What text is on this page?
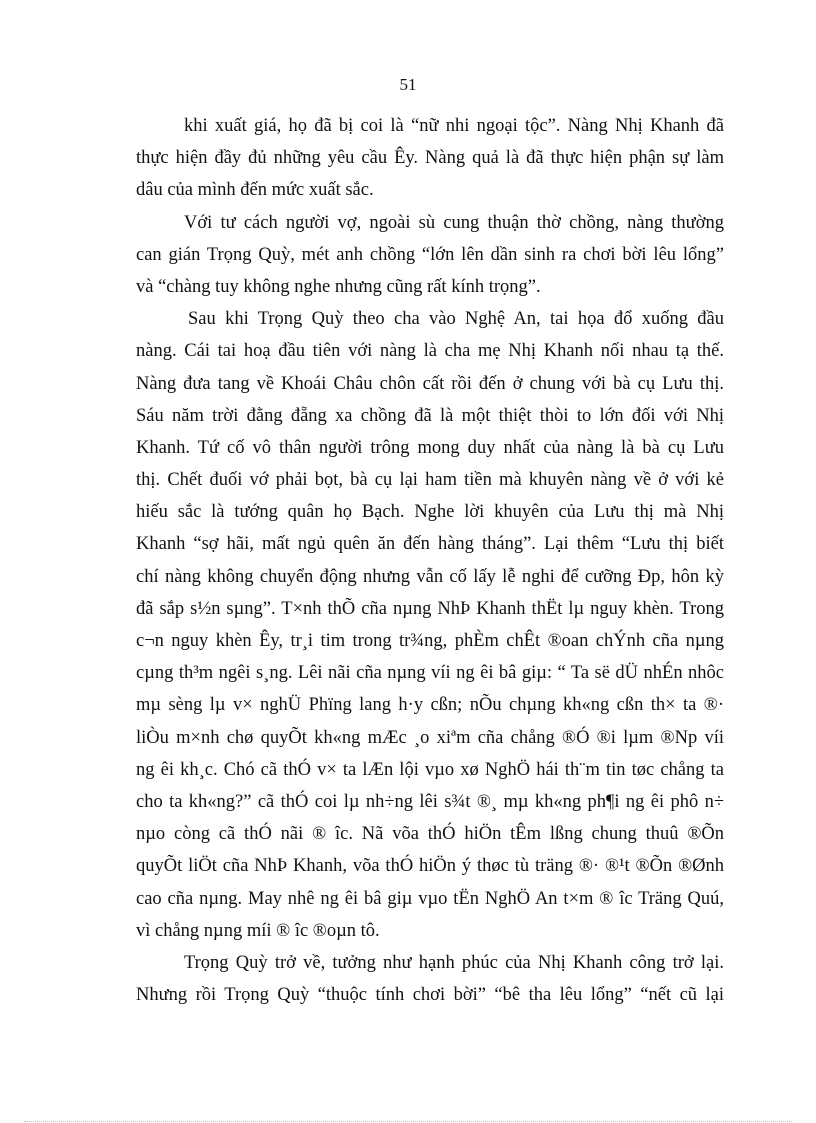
51
khi xuất giá, họ đã bị coi là “nữ nhi ngoại tộc”. Nàng Nhị Khanh đã
thực hiện đầy đủ những yêu cầu Êy. Nàng quả là đã thực hiện phận sự làm
dâu của mình đến mức xuất sắc.
Với tư cách người vợ, ngoài sù cung thuận thờ chồng, nàng thường
can gián Trọng Quỳ, mét anh chồng “lớn lên dần sinh ra chơi bời lêu lổng”
và “chàng tuy không nghe nhưng cũng rất kính trọng”.
Sau khi Trọng Quỳ theo cha vào Nghệ An, tai họa đổ xuống đầu
nàng. Cái tai hoạ đầu tiên với nàng là cha mẹ Nhị Khanh nối nhau tạ thế.
Nàng đưa tang về Khoái Châu chôn cất rồi đến ở chung với bà cụ Lưu thị.
Sáu năm trời đằng đẵng xa chồng đã là một thiệt thòi to lớn đối với Nhị
Khanh. Tứ cố vô thân người trông mong duy nhất của nàng là bà cụ Lưu
thị. Chết đuối vớ phải bọt, bà cụ lại ham tiền mà khuyên nàng về ở với kẻ
hiếu sắc là tướng quân họ Bạch. Nghe lời khuyên của Lưu thị mà Nhị
Khanh “sợ hãi, mất ngủ quên ăn đến hàng tháng”. Lại thêm “Lưu thị biết
chí nàng không chuyển động nhưng vẫn cố lấy lễ nghi để cưỡng Ðp, hôn kỳ
đã sắp s½n sµng”. T×nh thÕ cña nµng NhÞ Khanh thËt lµ nguy khèn. Trong
c¬n nguy khèn Êy, tr¸i tim trong tr¾ng, phÈm chÊt ®oan chÝnh cña nµng
cµng th³m ngêi s¸ng. Lêi nãi cña nµng víi ng êi bâ giµ: “ Ta së dÜ nhÉn nhôc
mµ sèng lµ v× nghÜ Phïng lang h·y cßn; nÕu chµng kh«ng cßn th× ta ®·
liÒu m×nh chø quyÕt kh«ng mÆc ¸o xiªm cña chång ®Ó ®i lµm ®Np víi
ng êi kh¸c. Chó cã thÓ v× ta lÆn lội vµo xø NghÖ hái th¨m tin tøc chång ta
cho ta kh«ng?” cã thÓ coi lµ nh÷ng lêi s¾t ®¸ mµ kh«ng ph¶i ng êi phô n÷
nµo còng cã thÓ nãi ® îc. Nã võa thÓ hiÖn tÊm lßng chung thuû ®Õn
quyÕt liÖt cña NhÞ Khanh, võa thÓ hiÖn ý thøc tù träng ®· ®¹t ®Õn ®Ønh
cao cña nµng. May nhê ng êi bâ giµ vµo tËn NghÖ An t×m ® îc Träng Quú,
vì chång nµng míi ® îc ®oµn tô.
Trọng Quỳ trở về, tưởng như hạnh phúc của Nhị Khanh công trở lại.
Nhưng rồi Trọng Quỳ “thuộc tính chơi bời” “bê tha lêu lổng” “nết cũ lại
